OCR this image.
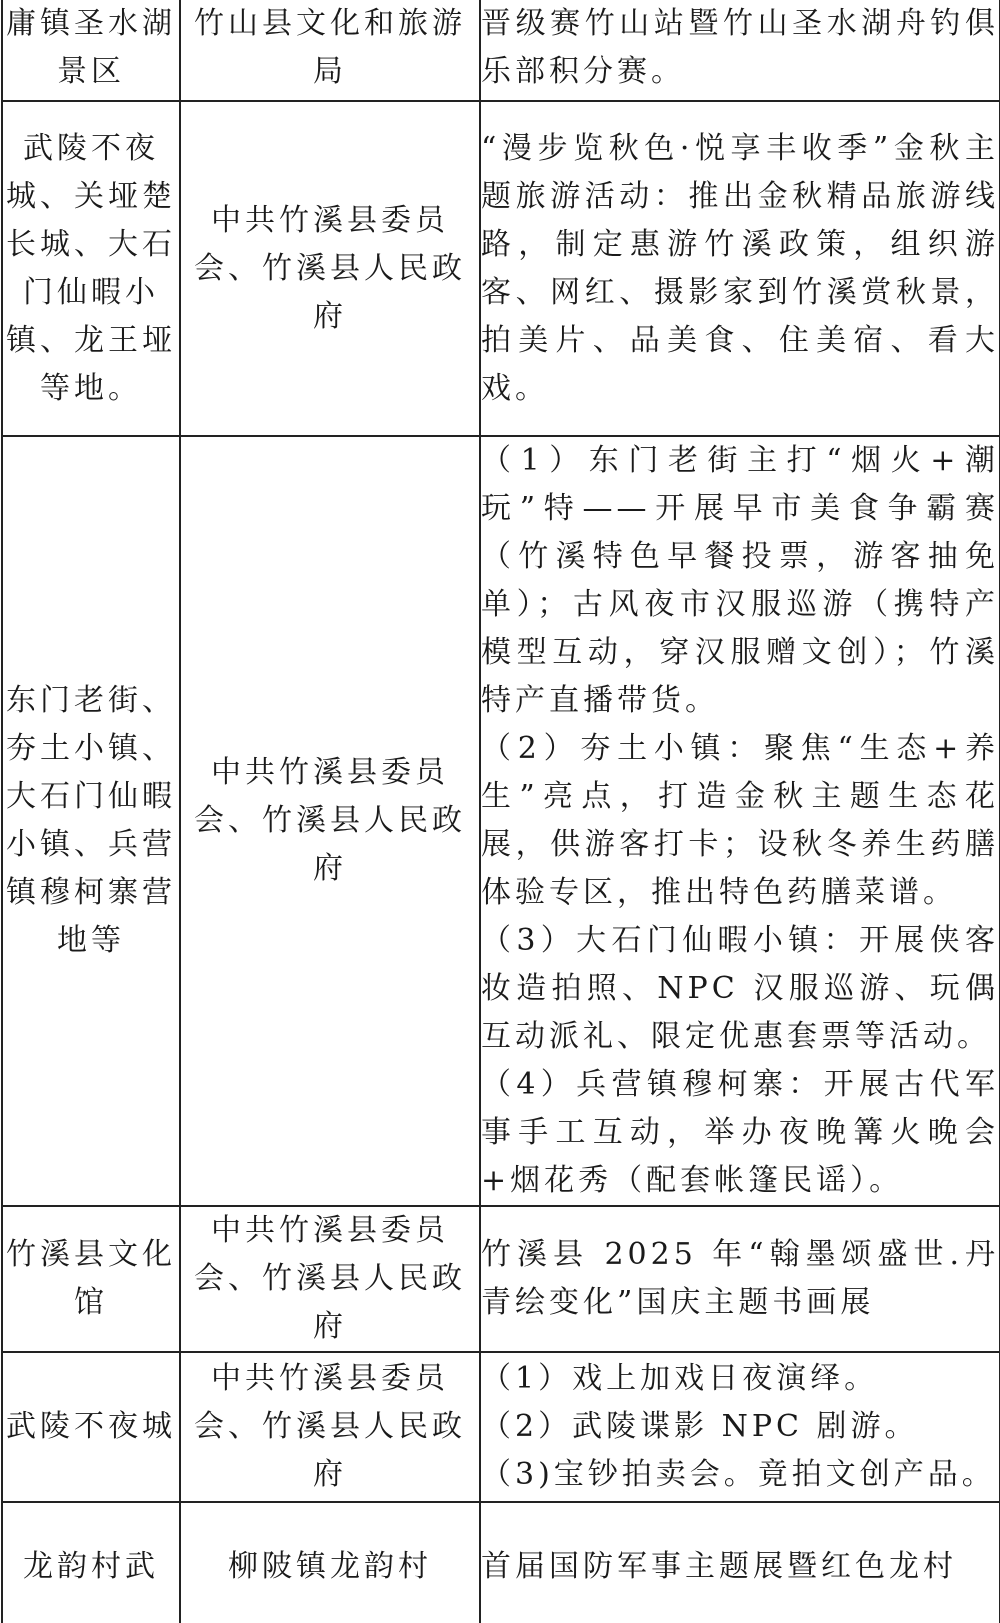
庸镇圣水湖景区	竹山县文化和旅游局	晋级赛竹山站暨竹山圣水湖舟钓俱乐部积分赛。

武陵不夜城、关垭楚长城、大石门仙暇小镇、龙王垭等地。	中共竹溪县委员会、竹溪县人民政府	“漫步览秋色·悦享丰收季”金秋主题旅游活动：推出金秋精品旅游线路，制定惠游竹溪政策，组织游客、网红、摄影家到竹溪赏秋景，拍美片、品美食、住美宿、看大戏。

东门老街、夯土小镇、大石门仙暇小镇、兵营镇穆柯寨营地等	中共竹溪县委员会、竹溪县人民政府	（1）东门老街主打“烟火+潮玩”特——开展早市美食争霸赛（竹溪特色早餐投票，游客抽免单）；古风夜市汉服巡游（携特产模型互动，穿汉服赠文创）；竹溪特产直播带货。
（2）夯土小镇：聚焦“生态+养生”亮点，打造金秋主题生态花展，供游客打卡；设秋冬养生药膳体验专区，推出特色药膳菜谱。
（3）大石门仙暇小镇：开展侠客妆造拍照、NPC 汉服巡游、玩偶互动派礼、限定优惠套票等活动。
（4）兵营镇穆柯寨：开展古代军事手工互动，举办夜晚篝火晚会+烟花秀（配套帐篷民谣）。

竹溪县文化馆	中共竹溪县委员会、竹溪县人民政府	竹溪县 2025 年“翰墨颂盛世.丹青绘变化”国庆主题书画展

武陵不夜城	中共竹溪县委员会、竹溪县人民政府	（1）戏上加戏日夜演绎。
（2）武陵谍影 NPC 剧游。
（3)宝钞拍卖会。竟拍文创产品。

龙韵村武	柳陂镇龙韵村	首届国防军事主题展暨红色龙村
